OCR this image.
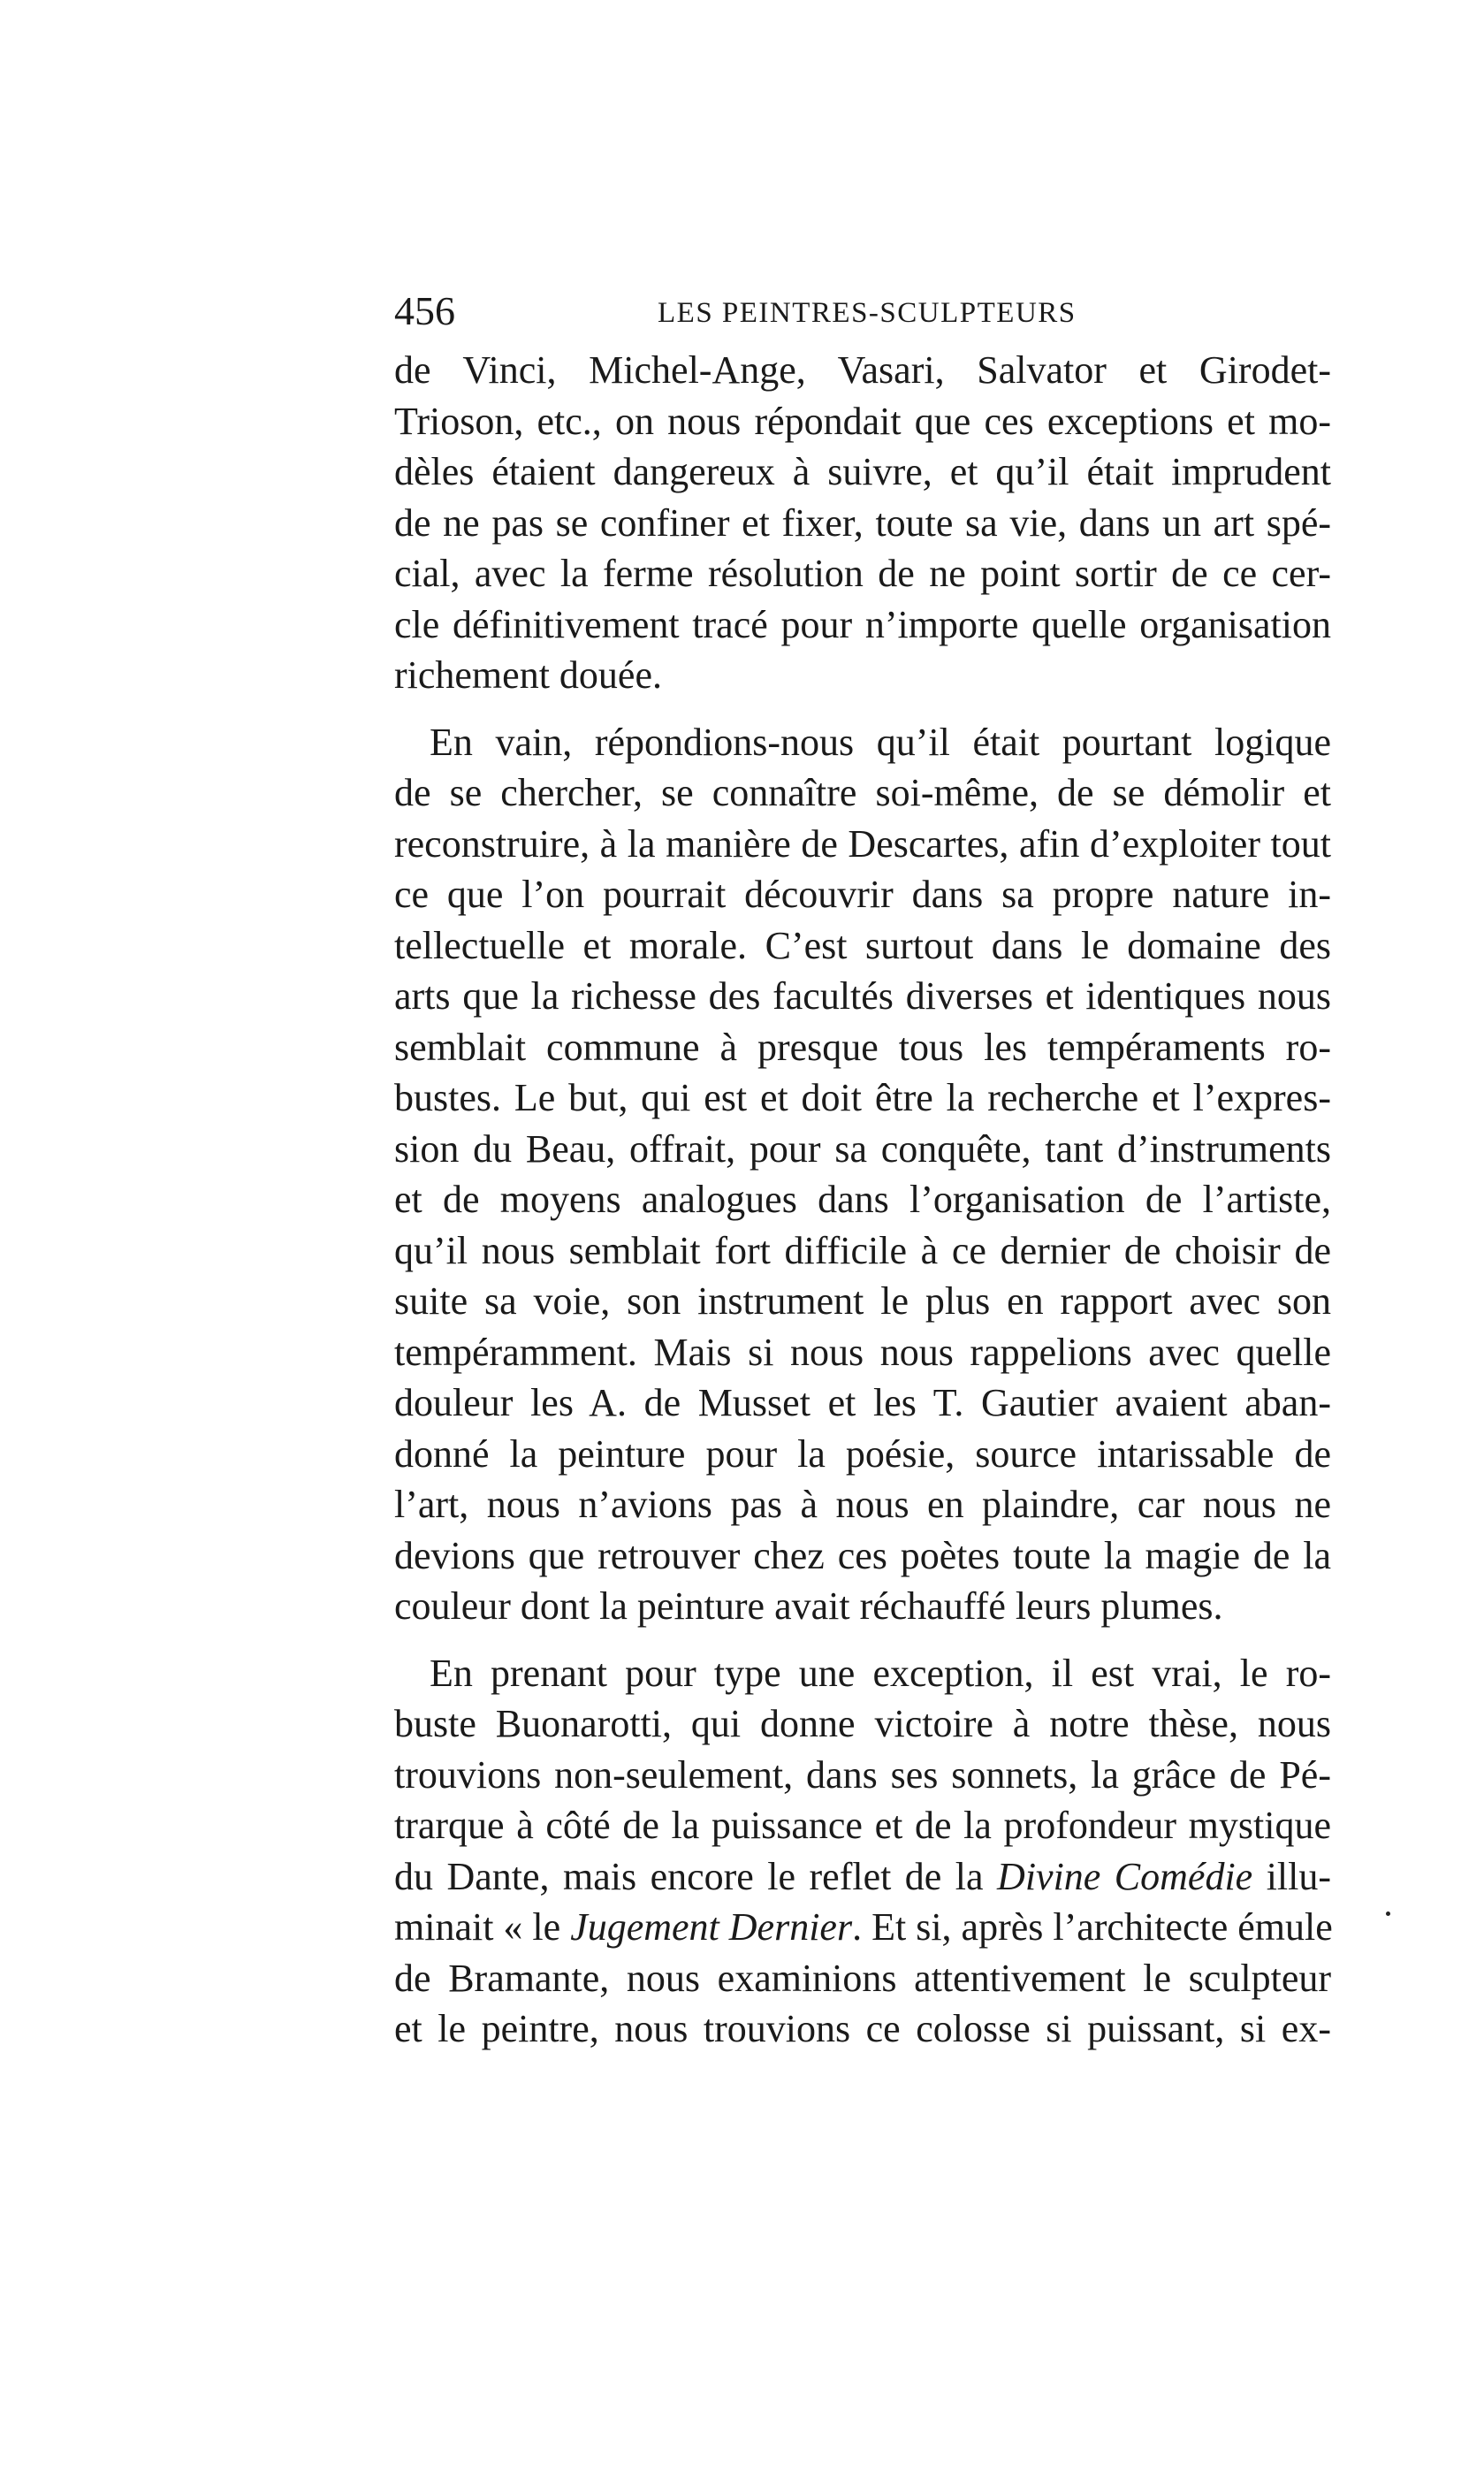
456	LES PEINTRES-SCULPTEURS
de Vinci, Michel-Ange, Vasari, Salvator et Girodet-
Trioson, etc., on nous répondait que ces exceptions et mo-
dèles étaient dangereux à suivre, et qu’il était imprudent
de ne pas se confiner et fixer, toute sa vie, dans un art spé-
cial, avec la ferme résolution de ne point sortir de ce cer-
cle définitivement tracé pour n’importe quelle organisation
richement douée.
En vain, répondions-nous qu’il était pourtant logique
de se chercher, se connaître soi-même, de se démolir et
reconstruire, à la manière de Descartes, afin d’exploiter tout
ce que l’on pourrait découvrir dans sa propre nature in-
tellectuelle et morale. C’est surtout dans le domaine des
arts que la richesse des facultés diverses et identiques nous
semblait commune à presque tous les tempéraments ro-
bustes. Le but, qui est et doit être la recherche et l’expres-
sion du Beau, offrait, pour sa conquête, tant d’instruments
et de moyens analogues dans l’organisation de l’artiste,
qu’il nous semblait fort difficile à ce dernier de choisir de
suite sa voie, son instrument le plus en rapport avec son
tempéramment. Mais si nous nous rappelions avec quelle
douleur les A. de Musset et les T. Gautier avaient aban-
donné la peinture pour la poésie, source intarissable de
l’art, nous n’avions pas à nous en plaindre, car nous ne
devions que retrouver chez ces poètes toute la magie de la
couleur dont la peinture avait réchauffé leurs plumes.
En prenant pour type une exception, il est vrai, le ro-
buste Buonarotti, qui donne victoire à notre thèse, nous
trouvions non-seulement, dans ses sonnets, la grâce de Pé-
trarque à côté de la puissance et de la profondeur mystique
du Dante, mais encore le reflet de la Divine Comédie illu-
minait « le Jugement Dernier. Et si, après l’architecte émule
de Bramante, nous examinions attentivement le sculpteur
et le peintre, nous trouvions ce colosse si puissant, si ex-
